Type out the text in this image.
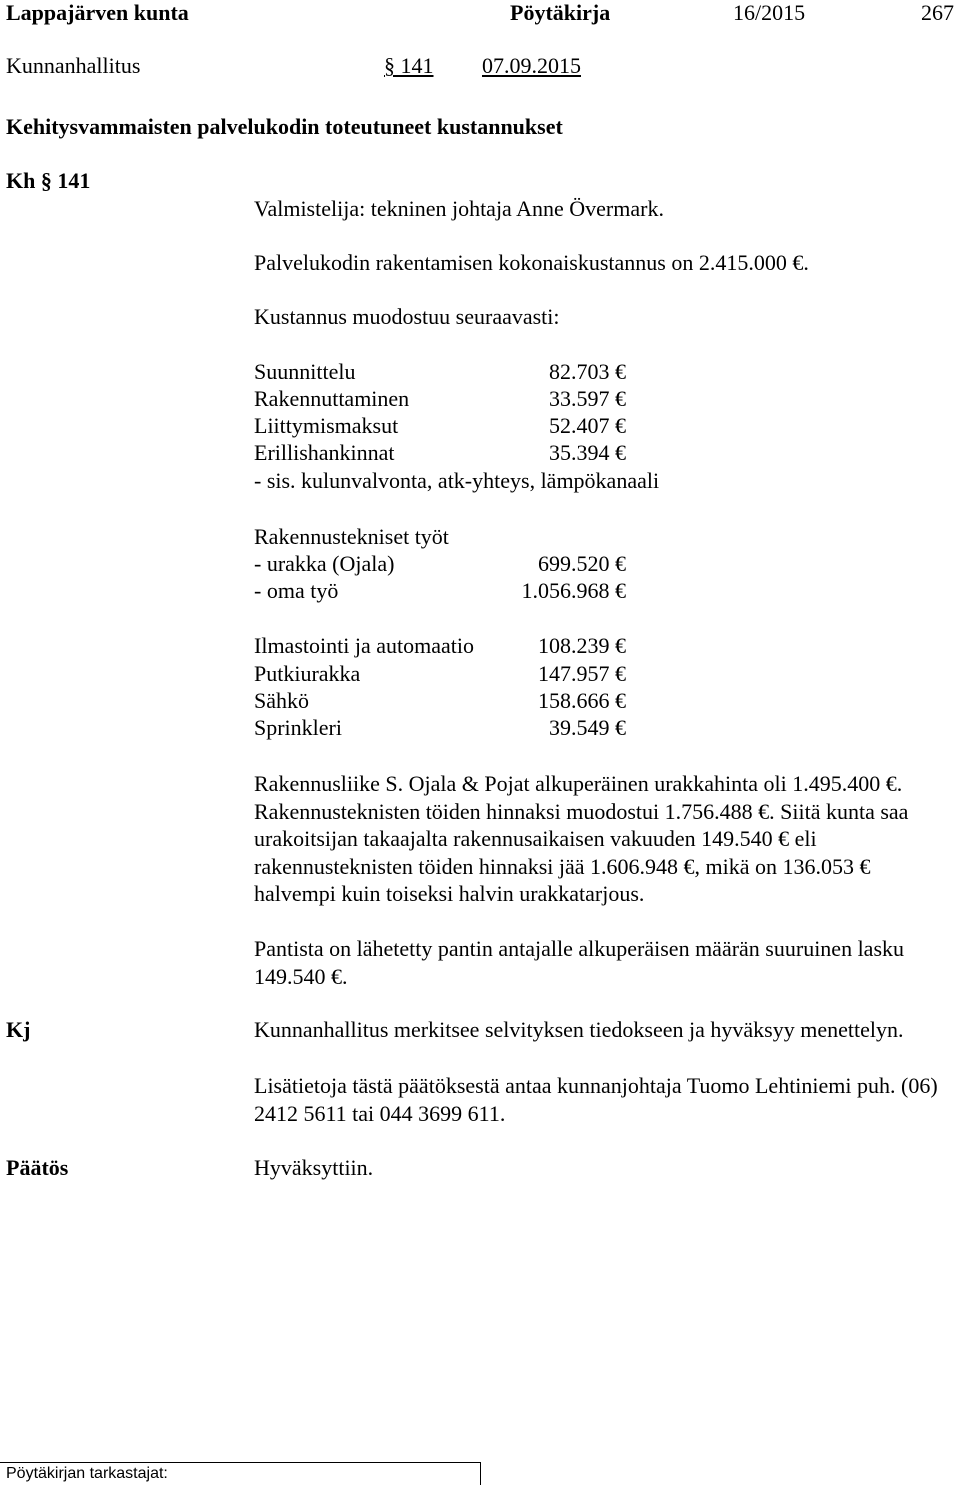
Lappajärven kunta	Pöytäkirja	16/2015	267
Kunnanhallitus	§ 141 07.09.2015
Kehitysvammaisten palvelukodin toteutuneet kustannukset
Kh § 141
Valmistelija: tekninen johtaja Anne Övermark.
Palvelukodin rakentamisen kokonaiskustannus on 2.415.000 €.
Kustannus muodostuu seuraavasti:
Suunnittelu	82.703 €
Rakennuttaminen	33.597 €
Liittymismaksut	52.407 €
Erillishankinnat	35.394 €
- sis. kulunvalvonta, atk-yhteys, lämpökanaali
Rakennustekniset työt
- urakka (Ojala)	699.520 €
- oma työ	1.056.968 €
Ilmastointi ja automaatio	108.239 €
Putkiurakka	147.957 €
Sähkö	158.666 €
Sprinkleri	39.549 €
Rakennusliike S. Ojala & Pojat alkuperäinen urakkahinta oli 1.495.400 €. Rakennusteknisten töiden hinnaksi muodostui 1.756.488 €. Siitä kunta saa urakoitsijan takaajalta rakennusaikaisen vakuuden 149.540 € eli rakennusteknisten töiden hinnaksi jää 1.606.948 €, mikä on 136.053 € halvempi kuin toiseksi halvin urakkatarjous.
Pantista on lähetetty pantin antajalle alkuperäisen määrän suuruinen lasku 149.540 €.
Kj	Kunnanhallitus merkitsee selvityksen tiedokseen ja hyväksyy menettelyn.
Lisätietoja tästä päätöksestä antaa kunnanjohtaja Tuomo Lehtiniemi puh. (06) 2412 5611 tai 044 3699 611.
Päätös	Hyväksyttiin.
Pöytäkirjan tarkastajat:
